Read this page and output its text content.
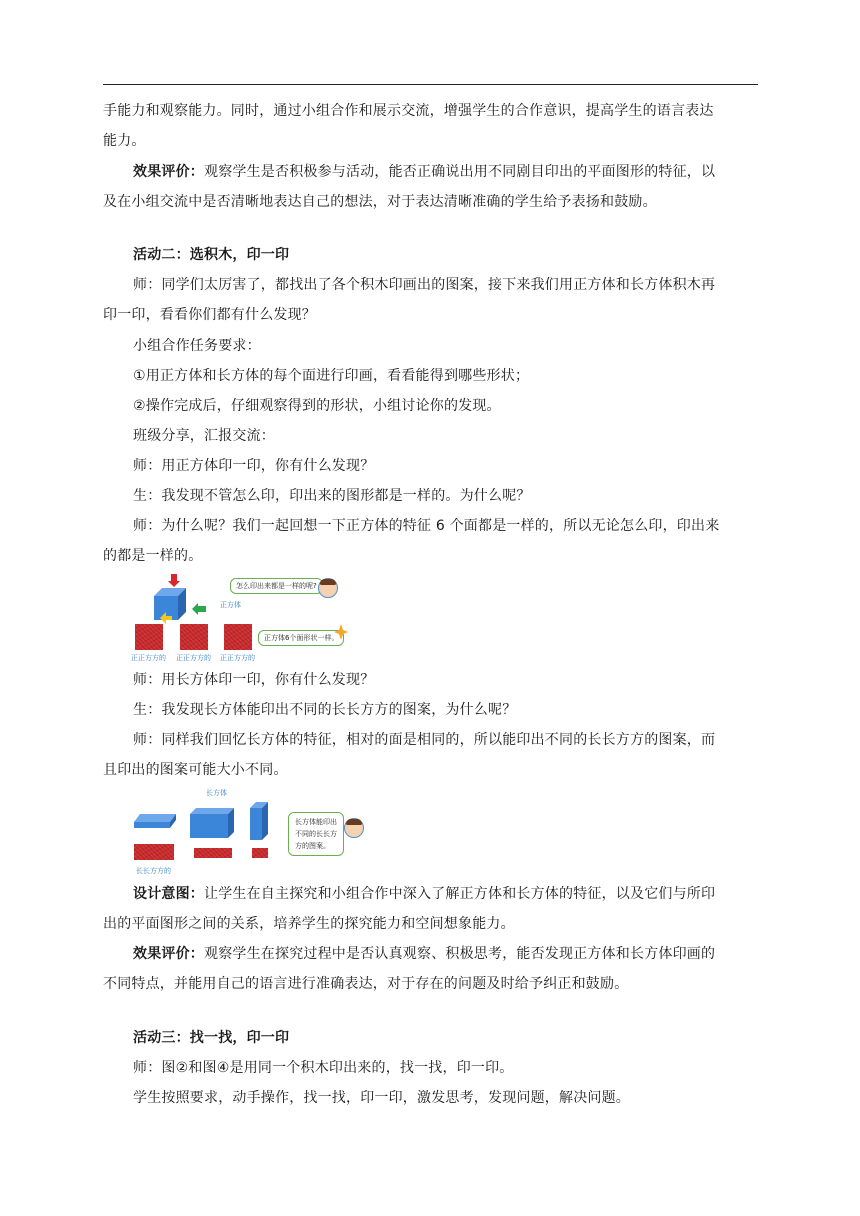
手能力和观察能力。同时，通过小组合作和展示交流，增强学生的合作意识，提高学生的语言表达
能力。
效果评价：观察学生是否积极参与活动，能否正确说出用不同剧目印出的平面图形的特征，以
及在小组交流中是否清晰地表达自己的想法，对于表达清晰准确的学生给予表扬和鼓励。
活动二：选积木，印一印
师：同学们太厉害了，都找出了各个积木印画出的图案，接下来我们用正方体和长方体积木再
印一印，看看你们都有什么发现？
小组合作任务要求：
①用正方体和长方体的每个面进行印画，看看能得到哪些形状；
②操作完成后，仔细观察得到的形状，小组讨论你的发现。
班级分享，汇报交流：
师：用正方体印一印，你有什么发现？
生：我发现不管怎么印，印出来的图形都是一样的。为什么呢？
师：为什么呢？我们一起回想一下正方体的特征 6 个面都是一样的，所以无论怎么印，印出来
的都是一样的。
怎么印出来都是一样的呢?
正方体
正方体6个面形状一样。
正正方方的 正正方方的 正正方方的
师：用长方体印一印，你有什么发现？
生：我发现长方体能印出不同的长长方方的图案，为什么呢？
师：同样我们回忆长方体的特征，相对的面是相同的，所以能印出不同的长长方方的图案，而
且印出的图案可能大小不同。
长方体
长方体能印出
不同的长长方
方的图案。
长长方方的
设计意图：让学生在自主探究和小组合作中深入了解正方体和长方体的特征，以及它们与所印
出的平面图形之间的关系，培养学生的探究能力和空间想象能力。
效果评价：观察学生在探究过程中是否认真观察、积极思考，能否发现正方体和长方体印画的
不同特点，并能用自己的语言进行准确表达，对于存在的问题及时给予纠正和鼓励。
活动三：找一找，印一印
师：图②和图④是用同一个积木印出来的，找一找，印一印。
学生按照要求，动手操作，找一找，印一印，激发思考，发现问题，解决问题。
